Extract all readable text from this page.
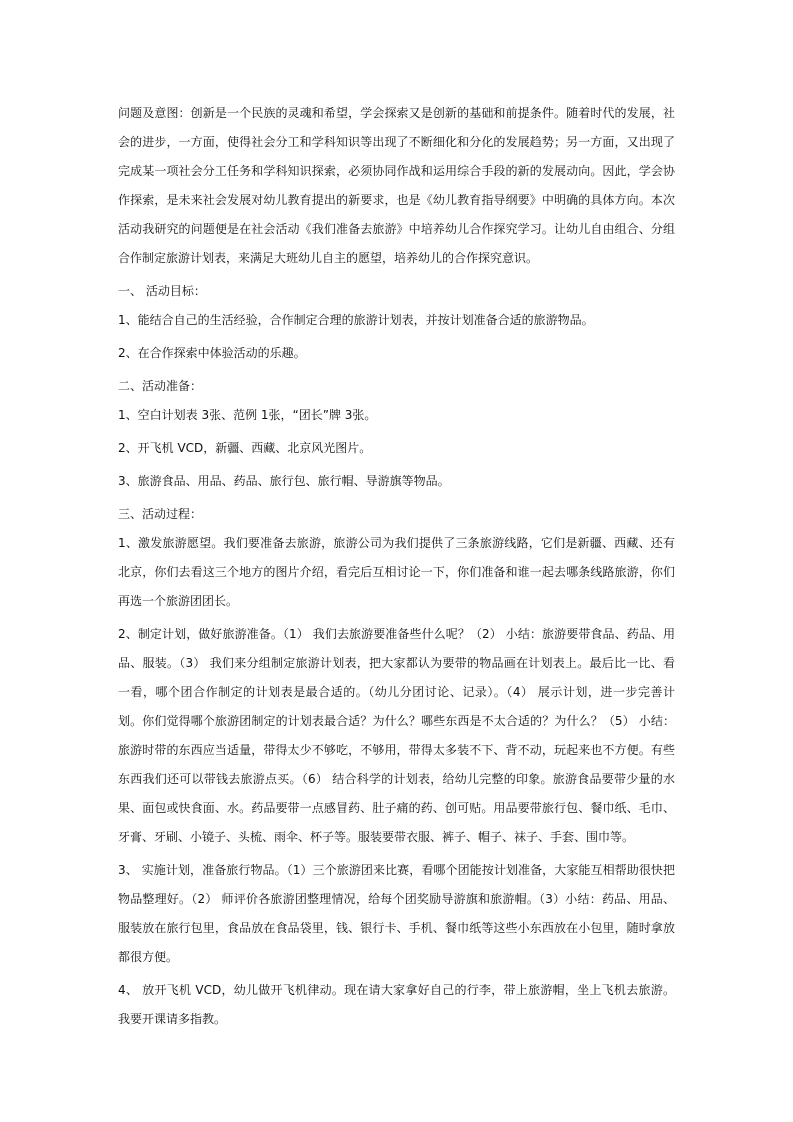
问题及意图：创新是一个民族的灵魂和希望，学会探索又是创新的基础和前提条件。随着时代的发展，社会的进步，一方面，使得社会分工和学科知识等出现了不断细化和分化的发展趋势；另一方面，又出现了完成某一项社会分工任务和学科知识探索，必须协同作战和运用综合手段的新的发展动向。因此，学会协作探索，是未来社会发展对幼儿教育提出的新要求，也是《幼儿教育指导纲要》中明确的具体方向。本次活动我研究的问题便是在社会活动《我们准备去旅游》中培养幼儿合作探究学习。让幼儿自由组合、分组合作制定旅游计划表，来满足大班幼儿自主的愿望，培养幼儿的合作探究意识。

一、 活动目标：

1、能结合自己的生活经验，合作制定合理的旅游计划表，并按计划准备合适的旅游物品。

2、在合作探索中体验活动的乐趣。

二、活动准备：

1、空白计划表 3张、范例 1张，“团长”牌 3张。

2、开飞机 VCD，新疆、西藏、北京风光图片。

3、旅游食品、用品、药品、旅行包、旅行帽、导游旗等物品。

三、活动过程：

1、激发旅游愿望。我们要准备去旅游，旅游公司为我们提供了三条旅游线路，它们是新疆、西藏、还有北京，你们去看这三个地方的图片介绍，看完后互相讨论一下，你们准备和谁一起去哪条线路旅游，你们再选一个旅游团团长。

2、制定计划，做好旅游准备。（1） 我们去旅游要准备些什么呢？（2） 小结：旅游要带食品、药品、用品、服装。（3） 我们来分组制定旅游计划表，把大家都认为要带的物品画在计划表上。最后比一比、看一看，哪个团合作制定的计划表是最合适的。（幼儿分团讨论、记录）。（4） 展示计划，进一步完善计划。你们觉得哪个旅游团制定的计划表最合适？为什么？哪些东西是不太合适的？为什么？（5） 小结：旅游时带的东西应当适量，带得太少不够吃，不够用，带得太多装不下、背不动，玩起来也不方便。有些东西我们还可以带钱去旅游点买。（6） 结合科学的计划表，给幼儿完整的印象。旅游食品要带少量的水果、面包或快食面、水。药品要带一点感冒药、肚子痛的药、创可贴。用品要带旅行包、餐巾纸、毛巾、牙膏、牙刷、小镜子、头梳、雨伞、杯子等。服装要带衣服、裤子、帽子、袜子、手套、围巾等。

3、 实施计划，准备旅行物品。（1）三个旅游团来比赛，看哪个团能按计划准备，大家能互相帮助很快把物品整理好。（2） 师评价各旅游团整理情况，给每个团奖励导游旗和旅游帽。（3）小结：药品、用品、服装放在旅行包里，食品放在食品袋里，钱、银行卡、手机、餐巾纸等这些小东西放在小包里，随时拿放都很方便。

4、 放开飞机 VCD，幼儿做开飞机律动。现在请大家拿好自己的行李，带上旅游帽，坐上飞机去旅游。我要开课请多指教。
